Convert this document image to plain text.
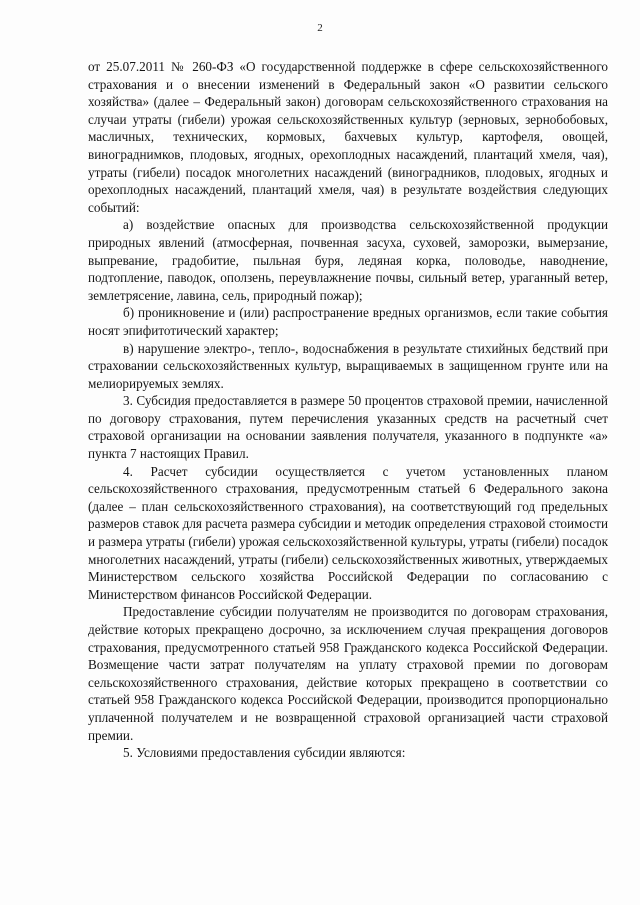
2

от 25.07.2011 № 260-ФЗ «О государственной поддержке в сфере сельскохозяйственного страхования и о внесении изменений в Федеральный закон «О развитии сельского хозяйства» (далее – Федеральный закон) договорам сельскохозяйственного страхования на случаи утраты (гибели) урожая сельскохозяйственных культур (зерновых, зернобобовых, масличных, технических, кормовых, бахчевых культур, картофеля, овощей, винограднимков, плодовых, ягодных, орехоплодных насаждений, плантаций хмеля, чая), утраты (гибели) посадок многолетних насаждений (виноградников, плодовых, ягодных и орехоплодных насаждений, плантаций хмеля, чая) в результате воздействия следующих событий:

а) воздействие опасных для производства сельскохозяйственной продукции природных явлений (атмосферная, почвенная засуха, суховей, заморозки, вымерзание, выпревание, градобитие, пыльная буря, ледяная корка, половодье, наводнение, подтопление, паводок, оползень, переувлажнение почвы, сильный ветер, ураганный ветер, землетрясение, лавина, сель, природный пожар);

б) проникновение и (или) распространение вредных организмов, если такие события носят эпифитотический характер;

в) нарушение электро-, тепло-, водоснабжения в результате стихийных бедствий при страховании сельскохозяйственных культур, выращиваемых в защищенном грунте или на мелиорируемых землях.

3. Субсидия предоставляется в размере 50 процентов страховой премии, начисленной по договору страхования, путем перечисления указанных средств на расчетный счет страховой организации на основании заявления получателя, указанного в подпункте «а» пункта 7 настоящих Правил.

4. Расчет субсидии осуществляется с учетом установленных планом сельскохозяйственного страхования, предусмотренным статьей 6 Федерального закона (далее – план сельскохозяйственного страхования), на соответствующий год предельных размеров ставок для расчета размера субсидии и методик определения страховой стоимости и размера утраты (гибели) урожая сельскохозяйственной культуры, утраты (гибели) посадок многолетних насаждений, утраты (гибели) сельскохозяйственных животных, утверждаемых Министерством сельского хозяйства Российской Федерации по согласованию с Министерством финансов Российской Федерации.

Предоставление субсидии получателям не производится по договорам страхования, действие которых прекращено досрочно, за исключением случая прекращения договоров страхования, предусмотренного статьей 958 Гражданского кодекса Российской Федерации. Возмещение части затрат получателям на уплату страховой премии по договорам сельскохозяйственного страхования, действие которых прекращено в соответствии со статьей 958 Гражданского кодекса Российской Федерации, производится пропорционально уплаченной получателем и не возвращенной страховой организацией части страховой премии.

5. Условиями предоставления субсидии являются:
